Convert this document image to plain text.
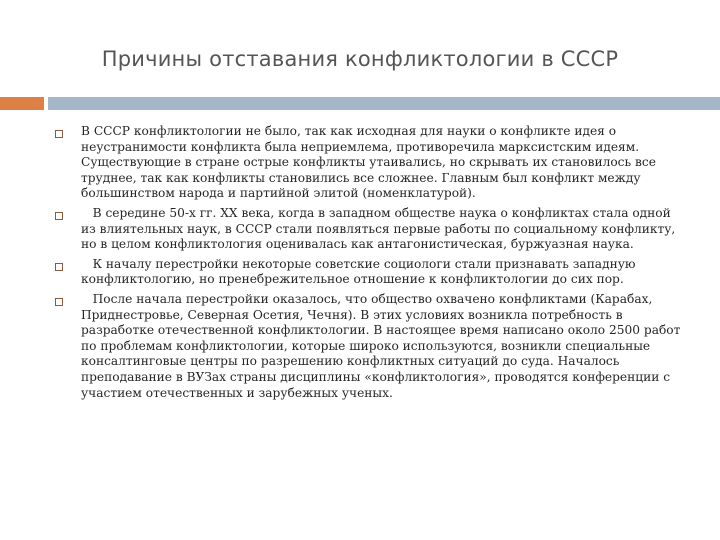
Причины отставания конфликтологии в СССР
В СССР конфликтологии не было, так как исходная для науки о конфликте идея о неустранимости конфликта была неприемлема, противоречила марксистским идеям. Существующие в стране острые конфликты утаивались, но скрывать их становилось все труднее, так как конфликты становились все сложнее. Главным был конфликт между большинством народа и партийной элитой (номенклатурой).
В середине 50-х гг. ХХ века, когда в западном обществе наука о конфликтах стала одной из влиятельных наук, в СССР стали появляться первые работы по социальному конфликту, но в целом конфликтология оценивалась как антагонистическая, буржуазная наука.
К началу перестройки некоторые советские социологи стали признавать западную конфликтологию, но пренебрежительное отношение к конфликтологии до сих пор.
После начала перестройки оказалось, что общество охвачено конфликтами (Карабах, Приднестровье, Северная Осетия, Чечня). В этих условиях возникла потребность в разработке отечественной конфликтологии. В настоящее время написано около 2500 работ по проблемам конфликтологии, которые широко используются, возникли специальные консалтинговые центры по разрешению конфликтных ситуаций до суда. Началось преподавание в ВУЗах страны дисциплины «конфликтология», проводятся конференции с участием отечественных и зарубежных ученых.
